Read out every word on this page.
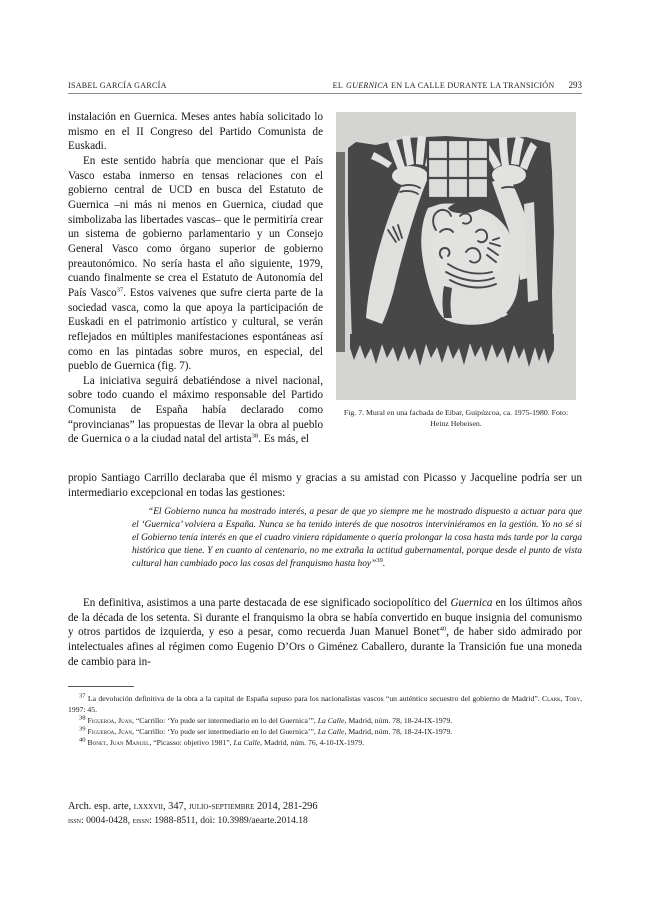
ISABEL GARCÍA GARCÍA	EL GUERNICA EN LA CALLE DURANTE LA TRANSICIÓN 293
Fig. 7. Mural en una fachada de Eibar, Guipúzcoa, ca. 1975-1980. Foto: Heinz Hebeisen.

instalación en Guernica. Meses antes había solicitado lo mismo en el II Congreso del Partido Comunista de Euskadi.

En este sentido habría que mencionar que el País Vasco estaba inmerso en tensas relaciones con el gobierno central de UCD en busca del Estatuto de Guernica –ni más ni menos en Guernica, ciudad que simbolizaba las libertades vascas– que le permitiría crear un sistema de gobierno parlamentario y un Consejo General Vasco como órgano superior de gobierno preautonómico. No sería hasta el año siguiente, 1979, cuando finalmente se crea el Estatuto de Autonomía del País Vasco$^{37}$. Estos vaivenes que sufre cierta parte de la sociedad vasca, como la que apoya la participación de Euskadi en el patrimonio artístico y cultural, se verán reflejados en múltiples manifestaciones espontáneas así como en las pintadas sobre muros, en especial, del pueblo de Guernica (fig. 7).

La iniciativa seguirá debatiéndose a nivel nacional, sobre todo cuando el máximo responsable del Partido Comunista de España había declarado como “provincianas” las propuestas de llevar la obra al pueblo de Guernica o a la ciudad natal del artista$^{38}$. Es más, el

propio Santiago Carrillo declaraba que él mismo y gracias a su amistad con Picasso y Jacqueline podría ser un intermediario excepcional en todas las gestiones:

“El Gobierno nunca ha mostrado interés, a pesar de que yo siempre me he mostrado dispuesto a actuar para que el ‘Guernica’ volviera a España. Nunca se ha tenido interés de que nosotros interviniéramos en la gestión. Yo no sé si el Gobierno tenía interés en que el cuadro viniera rápidamente o quería prolongar la cosa hasta más tarde por la carga histórica que tiene. Y en cuanto al centenario, no me extraña la actitud gubernamental, porque desde el punto de vista cultural han cambiado poco las cosas del franquismo hasta hoy”$^{39}$.

En definitiva, asistimos a una parte destacada de ese significado sociopolítico del Guernica en los últimos años de la década de los setenta. Si durante el franquismo la obra se había convertido en buque insignia del comunismo y otros partidos de izquierda, y eso a pesar, como recuerda Juan Manuel Bonet$^{40}$, de haber sido admirado por intelectuales afines al régimen como Eugenio D’Ors o Giménez Caballero, durante la Transición fue una moneda de cambio para in-

$^{37}$ La devolución definitiva de la obra a la capital de España supuso para los nacionalistas vascos “un auténtico secuestro del gobierno de Madrid”. Clark, Toby, 1997: 45.

$^{38}$ Figueroa, Juan, “Carrillo: ‘Yo pude ser intermediario en lo del Guernica’”, La Calle, Madrid, núm. 78, 18-24-IX-1979.

$^{39}$ Figueroa, Juan, “Carrillo: ‘Yo pude ser intermediario en lo del Guernica’”, La Calle, Madrid, núm. 78, 18-24-IX-1979.

$^{40}$ Bonet, Juan Manuel, “Picasso: objetivo 1981”, La Calle, Madrid, núm. 76, 4-10-IX-1979.

Arch. esp. arte, lxxxvii, 347, julio-septiembre 2014, 281-296
issn: 0004-0428, eissn: 1988-8511, doi: 10.3989/aearte.2014.18
